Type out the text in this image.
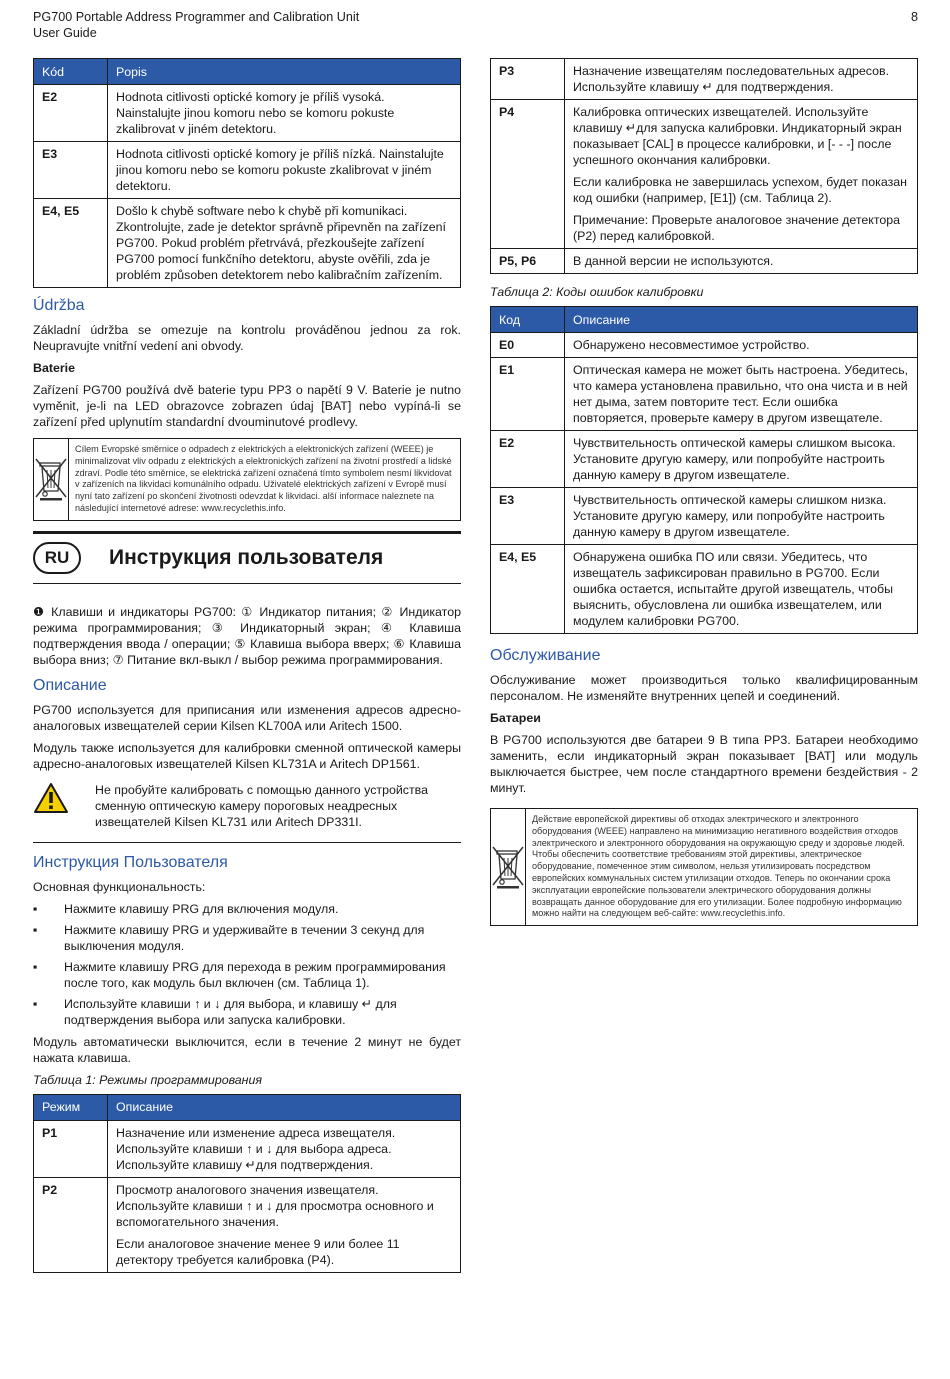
PG700 Portable Address Programmer and Calibration Unit
User Guide
8
Kód	Popis
E2	Hodnota citlivosti optické komory je příliš vysoká. Nainstalujte jinou komoru nebo se komoru pokuste zkalibrovat v jiném detektoru.
E3	Hodnota citlivosti optické komory je příliš nízká. Nainstalujte jinou komoru nebo se komoru pokuste zkalibrovat v jiném detektoru.
E4, E5	Došlo k chybě software nebo k chybě při komunikaci. Zkontrolujte, zade je detektor správně připevněn na zařízení PG700. Pokud problém přetrvává, přezkoušejte zařízení PG700 pomocí funkčního detektoru, abyste ověřili, zda je problém způsoben detektorem nebo kalibračním zařízením.
Údržba

Základní údržba se omezuje na kontrolu prováděnou jednou za rok. Neupravujte vnitřní vedení ani obvody.

Baterie

Zařízení PG700 používá dvě baterie typu PP3 o napětí 9 V. Baterie je nutno vyměnit, je-li na LED obrazovce zobrazen údaj [BAT] nebo vypíná-li se zařízení před uplynutím standardní dvouminutové prodlevy.

Cílem Evropské směrnice o odpadech z elektrických a elektronických zařízení (WEEE) je minimalizovat vliv odpadu z elektrických a elektronických zařízení na životní prostředí a lidské zdraví. Podle této směrnice, se elektrická zařízení označená tímto symbolem nesmí likvidovat v zařízeních na likvidaci komunálního odpadu. Uživatelé elektrických zařízení v Evropě musí nyní tato zařízení po skončení životnosti odevzdat k likvidaci. alší informace naleznete na následující internetové adrese: www.recyclethis.info.
RU	Инструкция пользователя

❶ Клавиши и индикаторы PG700: ① Индикатор питания; ② Индикатор режима программирования; ③ Индикаторный экран; ④ Клавиша подтверждения ввода / операции; ⑤ Клавиша выбора вверх; ⑥ Клавиша выбора вниз; ⑦ Питание вкл-выкл / выбор режима программирования.

Описание

PG700 используется для приписания или изменения адресов адресно-аналоговых извещателей серии Kilsen KL700A или Aritech 1500.

Модуль также используется для калибровки сменной оптической камеры адресно-аналоговых извещателей Kilsen KL731A и Aritech DP1561.

Не пробуйте калибровать с помощью данного устройства сменную оптическую камеру пороговых неадресных извещателей Kilsen KL731 или Aritech DP331I.
Инструкция Пользователя

Основная функциональность:

▪ Нажмите клавишу PRG для включения модуля.
▪ Нажмите клавишу PRG и удерживайте в течении 3 секунд для выключения модуля.
▪ Нажмите клавишу PRG для перехода в режим программирования после того, как модуль был включен (см. Таблица 1).
▪ Используйте клавиши ↑ и ↓ для выбора, и клавишу ↵ для подтверждения выбора или запуска калибровки.

Модуль автоматически выключится, если в течение 2 минут не будет нажата клавиша.

Таблица 1: Режимы программирования

Режим	Описание
P1	Назначение или изменение адреса извещателя. Используйте клавиши ↑ и ↓ для выбора адреса. Используйте клавишу ↵для подтверждения.

P2	Просмотр аналогового значения извещателя. Используйте клавиши ↑ и ↓ для просмотра основного и вспомогательного значения.

Если аналоговое значение менее 9 или более 11 детектору требуется калибровка (P4).

P3	Назначение извещателям последовательных адресов. Используйте клавишу ↵ для подтверждения.

P4	Калибровка оптических извещателей. Используйте клавишу ↵для запуска калибровки. Индикаторный экран показывает [CAL] в процессе калибровки, и [- - -] после успешного окончания калибровки.

Если калибровка не завершилась успехом, будет показан код ошибки (например, [E1]) (см. Таблица 2).

Примечание: Проверьте аналоговое значение детектора (P2) перед калибровкой.

P5, P6	В данной версии не используются.

Таблица 2: Коды ошибок калибровки

Код	Описание
E0	Обнаружено несовместимое устройство.
E1	Оптическая камера не может быть настроена. Убедитесь, что камера установлена правильно, что она чиста и в ней нет дыма, затем повторите тест. Если ошибка повторяется, проверьте камеру в другом извещателе.
E2	Чувствительность оптической камеры слишком высока. Установите другую камеру, или попробуйте настроить данную камеру в другом извещателе.
E3	Чувствительность оптической камеры слишком низка. Установите другую камеру, или попробуйте настроить данную камеру в другом извещателе.
E4, E5	Обнаружена ошибка ПО или связи. Убедитесь, что извещатель зафиксирован правильно в PG700. Если ошибка остается, испытайте другой извещатель, чтобы выяснить, обусловлена ли ошибка извещателем, или модулем калибровки PG700.
Обслуживание

Обслуживание может производиться только квалифицированным персоналом. Не изменяйте внутренних цепей и соединений.

Батареи

В PG700 используются две батареи 9 В типа PP3. Батареи необходимо заменить, если индикаторный экран показывает [BAT] или модуль выключается быстрее, чем после стандартного времени бездействия - 2 минут.

Действие европейской директивы об отходах электрического и электронного оборудования (WEEE) направлено на минимизацию негативного воздействия отходов электрического и электронного оборудования на окружающую среду и здоровье людей. Чтобы обеспечить соответствие требованиям этой директивы, электрическое оборудование, помеченное этим символом, нельзя утилизировать посредством европейских коммунальных систем утилизации отходов. Теперь по окончании срока эксплуатации европейские пользователи электрического оборудования должны возвращать данное оборудование для его утилизации. Более подробную информацию можно найти на следующем веб-сайте: www.recyclethis.info.
